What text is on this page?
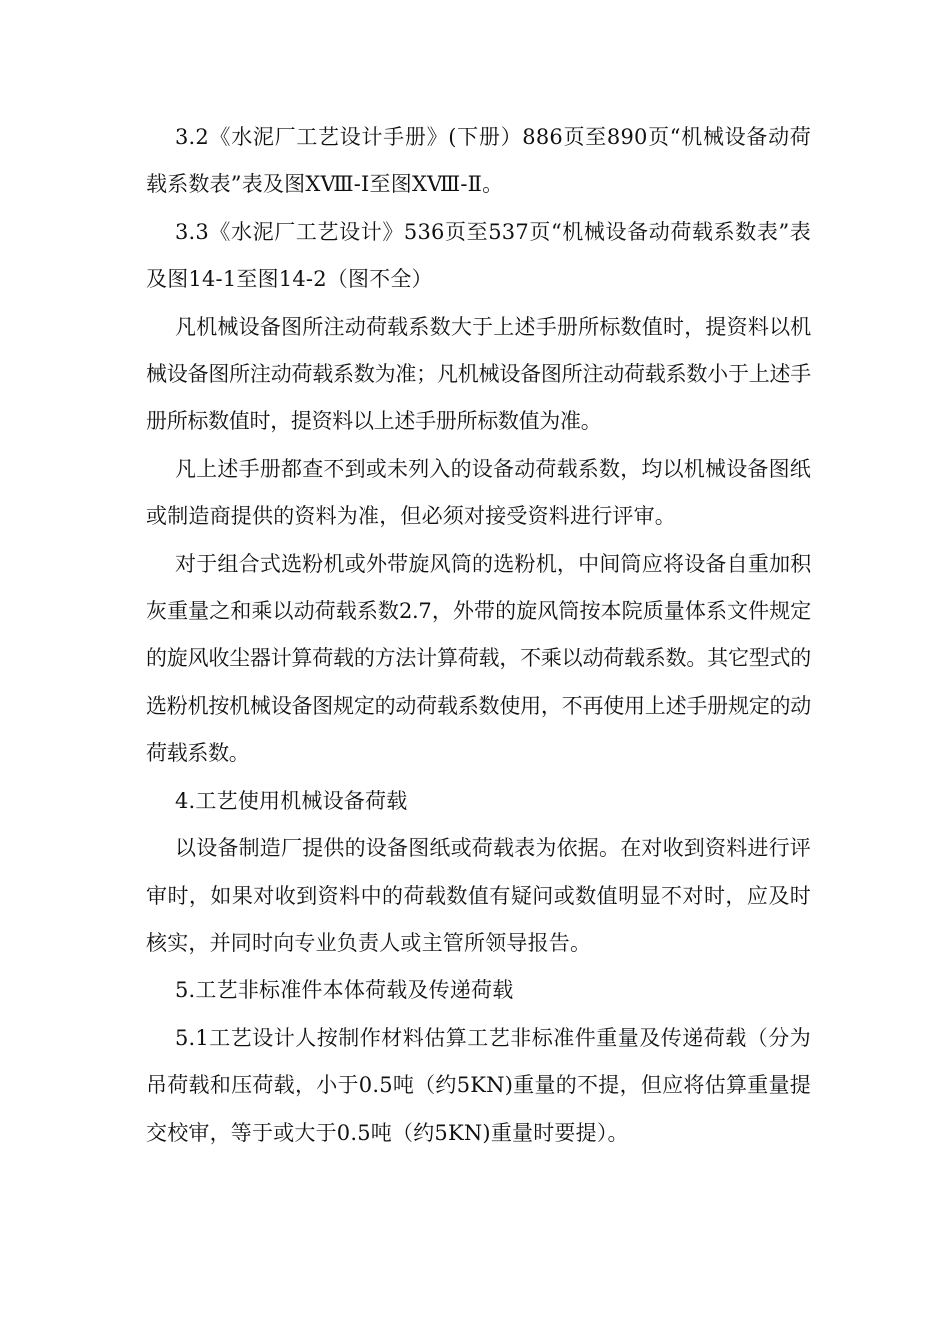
3.2《水泥厂工艺设计手册》(下册）886页至890页“机械设备动荷载系数表”表及图ⅩⅧ-Ⅰ至图ⅩⅧ-Ⅱ。

3.3《水泥厂工艺设计》536页至537页“机械设备动荷载系数表”表及图14-1至图14-2（图不全）

凡机械设备图所注动荷载系数大于上述手册所标数值时，提资料以机械设备图所注动荷载系数为准；凡机械设备图所注动荷载系数小于上述手册所标数值时，提资料以上述手册所标数值为准。

凡上述手册都查不到或未列入的设备动荷载系数，均以机械设备图纸或制造商提供的资料为准，但必须对接受资料进行评审。

对于组合式选粉机或外带旋风筒的选粉机，中间筒应将设备自重加积灰重量之和乘以动荷载系数2.7，外带的旋风筒按本院质量体系文件规定的旋风收尘器计算荷载的方法计算荷载，不乘以动荷载系数。其它型式的选粉机按机械设备图规定的动荷载系数使用，不再使用上述手册规定的动荷载系数。

4.工艺使用机械设备荷载

以设备制造厂提供的设备图纸或荷载表为依据。在对收到资料进行评审时，如果对收到资料中的荷载数值有疑问或数值明显不对时，应及时核实，并同时向专业负责人或主管所领导报告。

5.工艺非标准件本体荷载及传递荷载

5.1工艺设计人按制作材料估算工艺非标准件重量及传递荷载（分为吊荷载和压荷载，小于0.5吨（约5KN)重量的不提，但应将估算重量提交校审，等于或大于0.5吨（约5KN)重量时要提）。
